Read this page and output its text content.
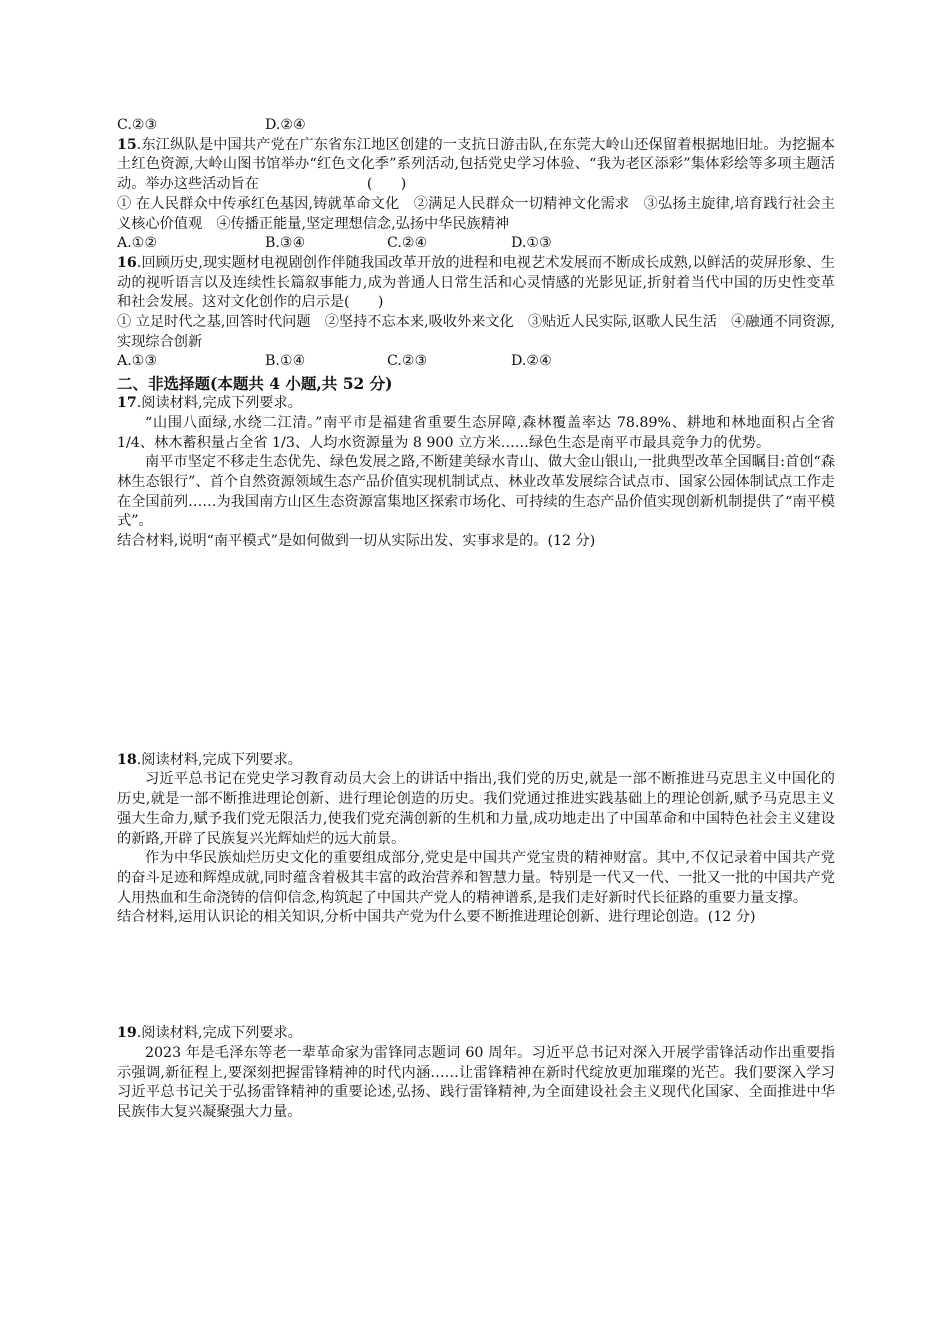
C.②③	D.②④
15.东江纵队是中国共产党在广东省东江地区创建的一支抗日游击队,在东莞大岭山还保留着根据地旧址。为挖掘本土红色资源,大岭山图书馆举办“红色文化季”系列活动,包括党史学习体验、“我为老区添彩”集体彩绘等多项主题活动。举办这些活动旨在	(　　)
① 在人民群众中传承红色基因,铸就革命文化　②满足人民群众一切精神文化需求　③弘扬主旋律,培育践行社会主义核心价值观　④传播正能量,坚定理想信念,弘扬中华民族精神
A.①②	B.③④	C.②④	D.①③
16.回顾历史,现实题材电视剧创作伴随我国改革开放的进程和电视艺术发展而不断成长成熟,以鲜活的荧屏形象、生动的视听语言以及连续性长篇叙事能力,成为普通人日常生活和心灵情感的光影见证,折射着当代中国的历史性变革和社会发展。这对文化创作的启示是(　　)
① 立足时代之基,回答时代问题　②坚持不忘本来,吸收外来文化　③贴近人民实际,讴歌人民生活　④融通不同资源,实现综合创新
A.①③	B.①④	C.②③	D.②④
二、非选择题(本题共 4 小题,共 52 分)
17.阅读材料,完成下列要求。
“山围八面绿,水绕二江清。”南平市是福建省重要生态屏障,森林覆盖率达 78.89%、耕地和林地面积占全省 1/4、林木蓄积量占全省 1/3、人均水资源量为 8 900 立方米……绿色生态是南平市最具竞争力的优势。
南平市坚定不移走生态优先、绿色发展之路,不断建美绿水青山、做大金山银山,一批典型改革全国瞩目:首创“森林生态银行”、首个自然资源领域生态产品价值实现机制试点、林业改革发展综合试点市、国家公园体制试点工作走在全国前列……为我国南方山区生态资源富集地区探索市场化、可持续的生态产品价值实现创新机制提供了“南平模式”。
结合材料,说明“南平模式”是如何做到一切从实际出发、实事求是的。(12 分)
18.阅读材料,完成下列要求。
习近平总书记在党史学习教育动员大会上的讲话中指出,我们党的历史,就是一部不断推进马克思主义中国化的历史,就是一部不断推进理论创新、进行理论创造的历史。我们党通过推进实践基础上的理论创新,赋予马克思主义强大生命力,赋予我们党无限活力,使我们党充满创新的生机和力量,成功地走出了中国革命和中国特色社会主义建设的新路,开辟了民族复兴光辉灿烂的远大前景。
作为中华民族灿烂历史文化的重要组成部分,党史是中国共产党宝贵的精神财富。其中,不仅记录着中国共产党的奋斗足迹和辉煌成就,同时蕴含着极其丰富的政治营养和智慧力量。特别是一代又一代、一批又一批的中国共产党人用热血和生命浇铸的信仰信念,构筑起了中国共产党人的精神谱系,是我们走好新时代长征路的重要力量支撑。
结合材料,运用认识论的相关知识,分析中国共产党为什么要不断推进理论创新、进行理论创造。(12 分)
19.阅读材料,完成下列要求。
2023 年是毛泽东等老一辈革命家为雷锋同志题词 60 周年。习近平总书记对深入开展学雷锋活动作出重要指示强调,新征程上,要深刻把握雷锋精神的时代内涵……让雷锋精神在新时代绽放更加璀璨的光芒。我们要深入学习习近平总书记关于弘扬雷锋精神的重要论述,弘扬、践行雷锋精神,为全面建设社会主义现代化国家、全面推进中华民族伟大复兴凝聚强大力量。
